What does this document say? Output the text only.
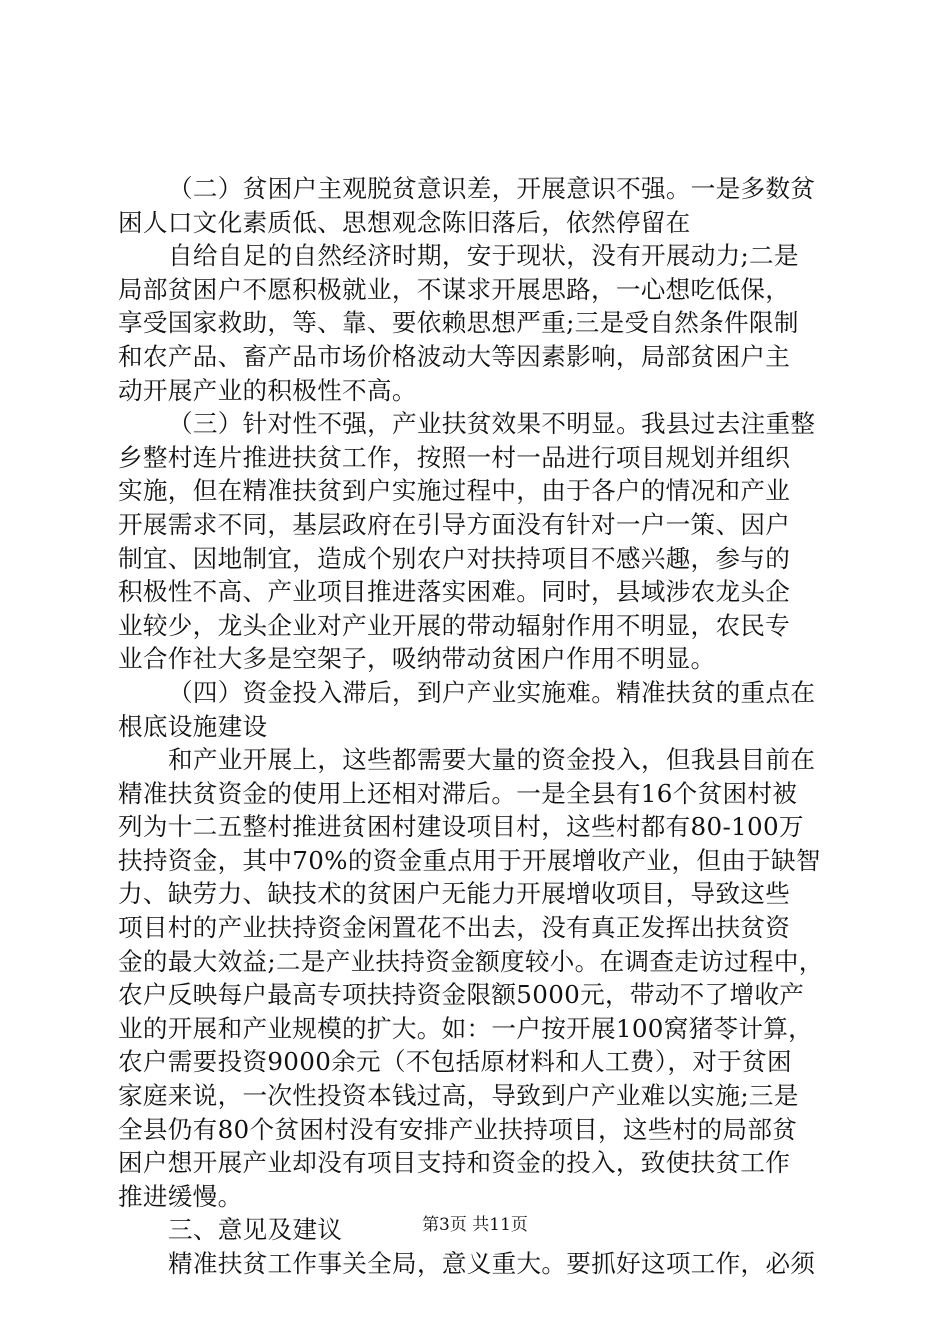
（二）贫困户主观脱贫意识差，开展意识不强。一是多数贫
困人口文化素质低、思想观念陈旧落后，依然停留在
自给自足的自然经济时期，安于现状，没有开展动力;二是
局部贫困户不愿积极就业，不谋求开展思路，一心想吃低保，
享受国家救助，等、靠、要依赖思想严重;三是受自然条件限制
和农产品、畜产品市场价格波动大等因素影响，局部贫困户主
动开展产业的积极性不高。
（三）针对性不强，产业扶贫效果不明显。我县过去注重整
乡整村连片推进扶贫工作，按照一村一品进行项目规划并组织
实施，但在精准扶贫到户实施过程中，由于各户的情况和产业
开展需求不同，基层政府在引导方面没有针对一户一策、因户
制宜、因地制宜，造成个别农户对扶持项目不感兴趣，参与的
积极性不高、产业项目推进落实困难。同时，县域涉农龙头企
业较少，龙头企业对产业开展的带动辐射作用不明显，农民专
业合作社大多是空架子，吸纳带动贫困户作用不明显。
（四）资金投入滞后，到户产业实施难。精准扶贫的重点在
根底设施建设
和产业开展上，这些都需要大量的资金投入，但我县目前在
精准扶贫资金的使用上还相对滞后。一是全县有16个贫困村被
列为十二五整村推进贫困村建设项目村，这些村都有80-100万
扶持资金，其中70%的资金重点用于开展增收产业，但由于缺智
力、缺劳力、缺技术的贫困户无能力开展增收项目，导致这些
项目村的产业扶持资金闲置花不出去，没有真正发挥出扶贫资
金的最大效益;二是产业扶持资金额度较小。在调查走访过程中，
农户反映每户最高专项扶持资金限额5000元，带动不了增收产
业的开展和产业规模的扩大。如：一户按开展100窝猪苓计算，
农户需要投资9000余元（不包括原材料和人工费），对于贫困
家庭来说，一次性投资本钱过高，导致到户产业难以实施;三是
全县仍有80个贫困村没有安排产业扶持项目，这些村的局部贫
困户想开展产业却没有项目支持和资金的投入，致使扶贫工作
推进缓慢。
三、意见及建议
精准扶贫工作事关全局，意义重大。要抓好这项工作，必须
第3页 共11页
